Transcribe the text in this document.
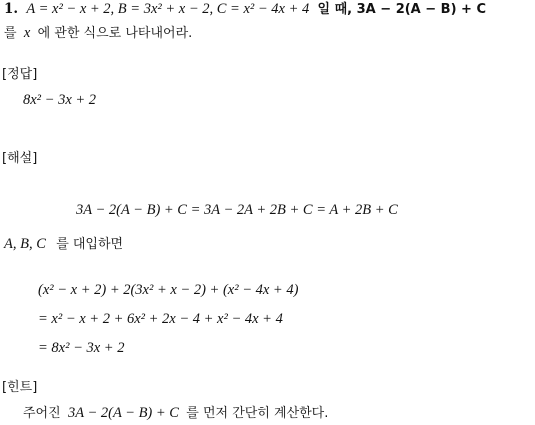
1. A = x² − x + 2, B = 3x² + x − 2, C = x² − 4x + 4 일 때, 3A − 2(A − B) + C
를 x 에 관한 식으로 나타내어라.
[정답]
8x² − 3x + 2
[해설]
3A − 2(A − B) + C = 3A − 2A + 2B + C = A + 2B + C
A, B, C 를 대입하면
(x² − x + 2) + 2(3x² + x − 2) + (x² − 4x + 4)
= x² − x + 2 + 6x² + 2x − 4 + x² − 4x + 4
= 8x² − 3x + 2
[힌트]
주어진 3A − 2(A − B) + C 를 먼저 간단히 계산한다.
